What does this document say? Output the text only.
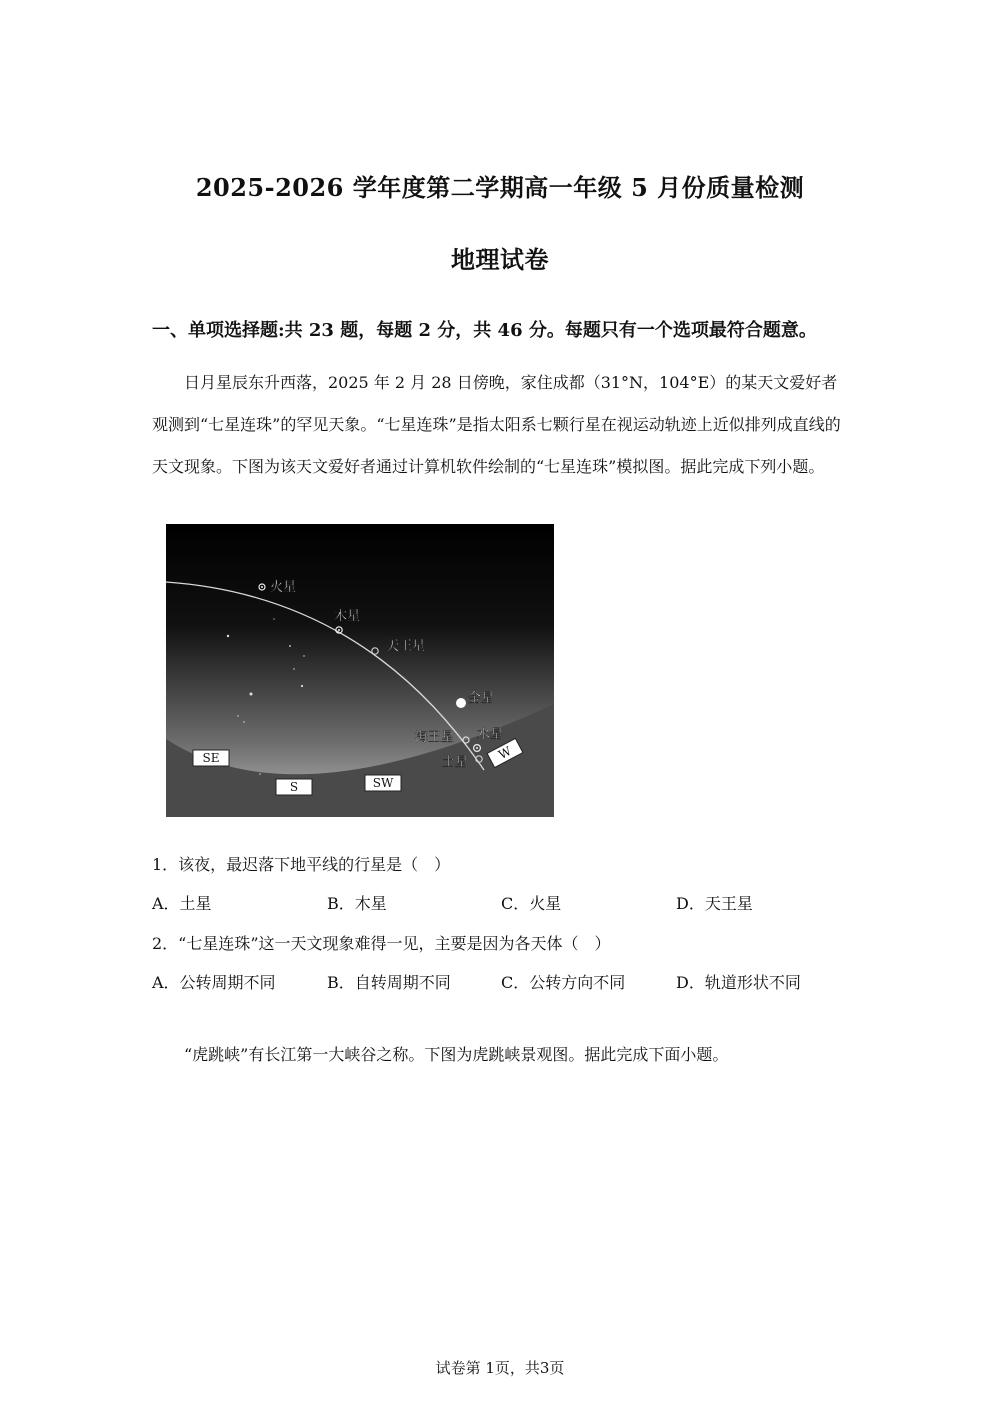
2025-2026 学年度第二学期高一年级 5 月份质量检测
地理试卷
一、单项选择题:共 23 题，每题 2 分，共 46 分。每题只有一个选项最符合题意。
日月星辰东升西落，2025 年 2 月 28 日傍晚，家住成都（31°N，104°E）的某天文爱好者观测到“七星连珠”的罕见天象。“七星连珠”是指太阳系七颗行星在视运动轨迹上近似排列成直线的天文现象。下图为该天文爱好者通过计算机软件绘制的“七星连珠”模拟图。据此完成下列小题。
火星
木星
天王星
金星
海王星 水星
土星
SE
S	SW
W
1．该夜，最迟落下地平线的行星是（　）
A．土星	B．木星	C．火星	D．天王星
2．“七星连珠”这一天文现象难得一见，主要是因为各天体（　）
A．公转周期不同	B．自转周期不同	C．公转方向不同	D．轨道形状不同
“虎跳峡”有长江第一大峡谷之称。下图为虎跳峡景观图。据此完成下面小题。
试卷第 1页，共3页
